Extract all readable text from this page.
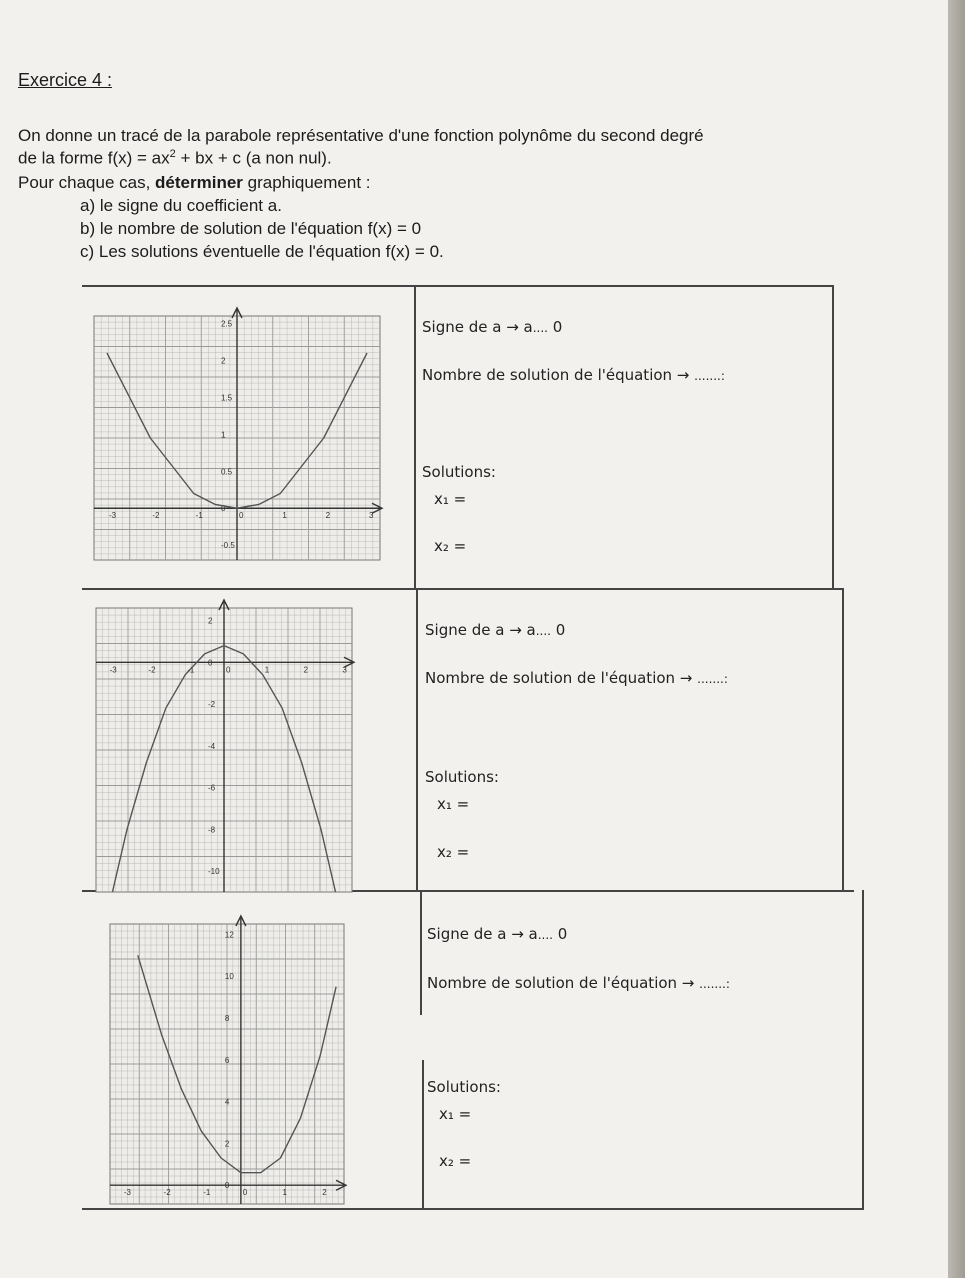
Exercice 4 :
On donne un tracé de la parabole représentative d'une fonction polynôme du second degré
de la forme $f(x) = ax^2$ + bx + c (a non nul).
Pour chaque cas, déterminer graphiquement :
a) le signe du coefficient a.
b) le nombre de solution de l'équation f(x) = 0
c) Les solutions éventuelle de l'équation f(x) = 0.
Signe de a → a.... 0
Nombre de solution de l'équation → .......:
Solutions:
x₁ =
x₂ =
Signe de a → a.... 0
Nombre de solution de l'équation → .......:
Solutions:
x₁ =
x₂ =
Signe de a → a.... 0
Nombre de solution de l'équation → .......:
Solutions:
x₁ =
x₂ =
-3	-2	-1	0	1	2	3
2.5
2
1.5
1
0.5
0
-0.5
-3	-2	-1	0	1	2	3
2
0
-2
-4
-6
-8
-10
-3	-2	-1	0	1	2
12
10
8
6
4
2
0
